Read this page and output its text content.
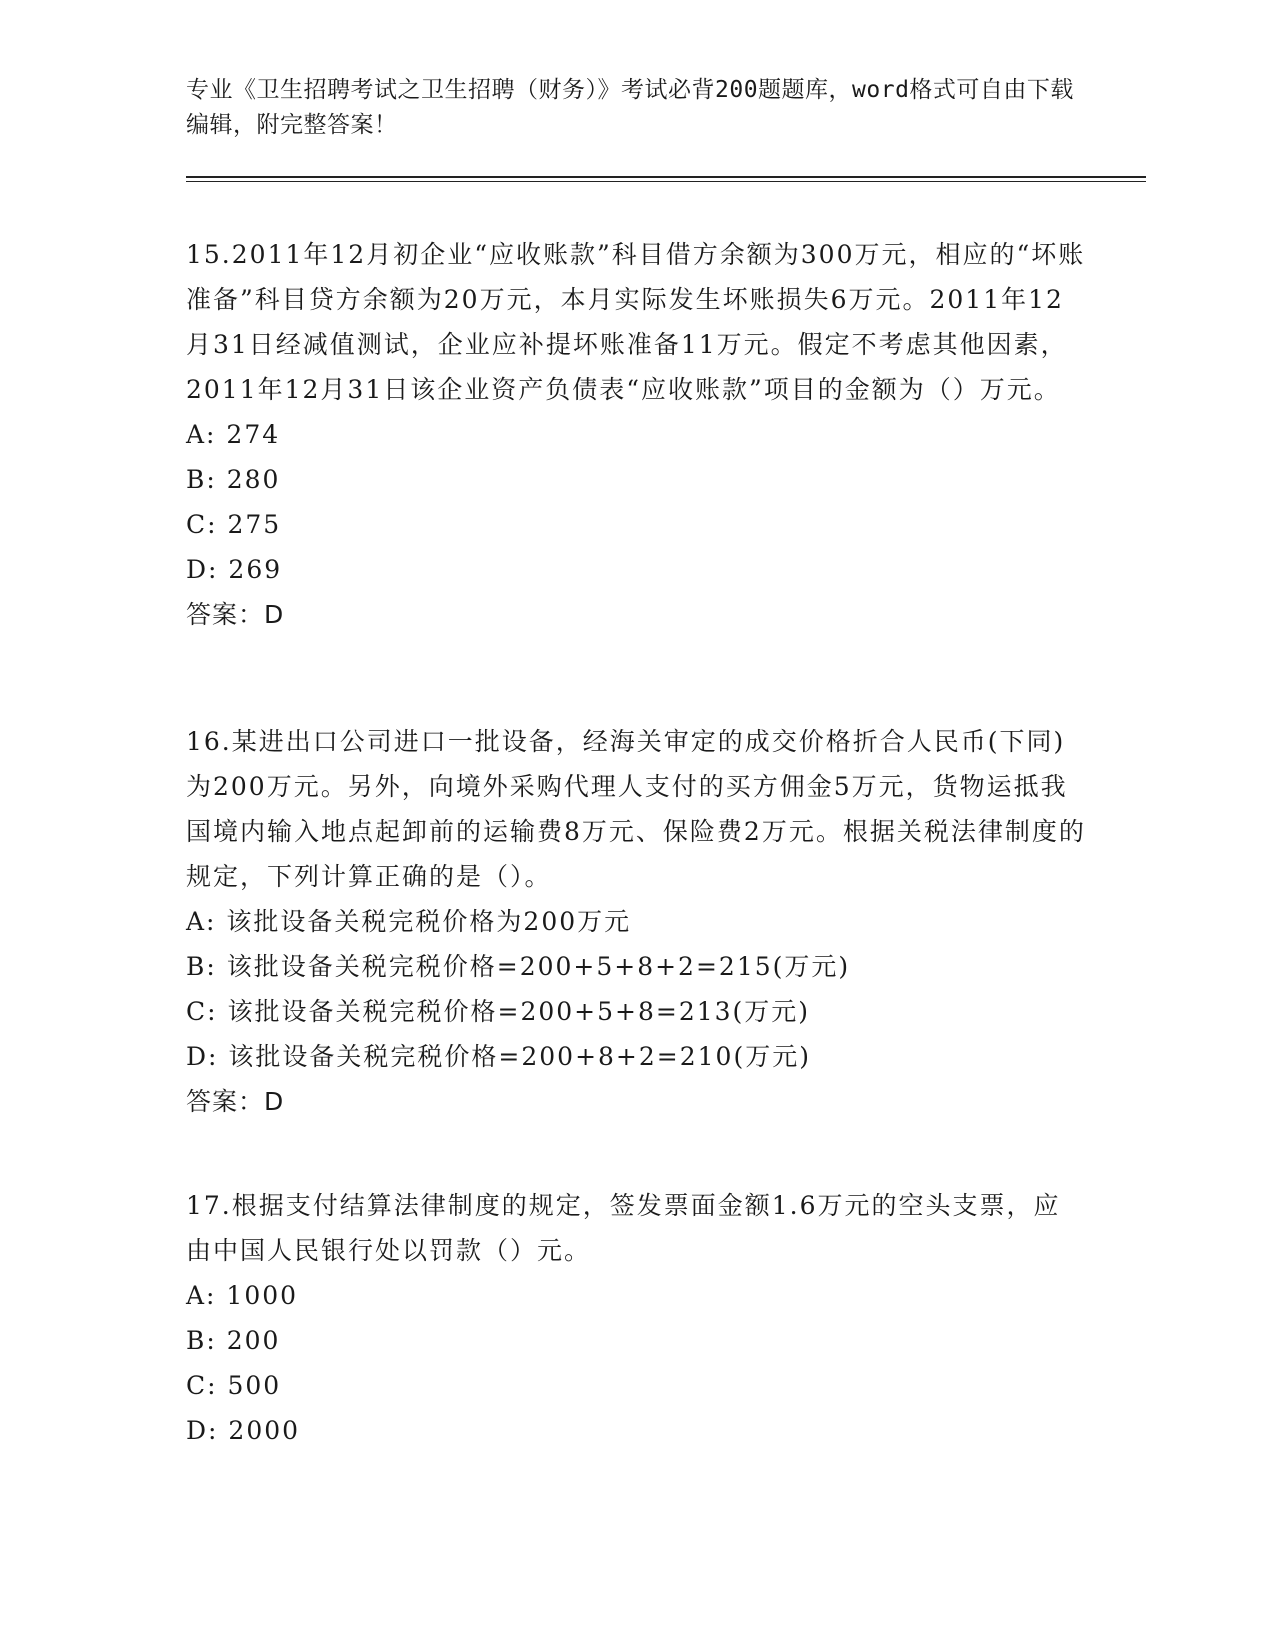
专业《卫生招聘考试之卫生招聘（财务）》考试必背200题题库，word格式可自由下载编辑，附完整答案！
15.2011年12月初企业“应收账款”科目借方余额为300万元，相应的“坏账准备”科目贷方余额为20万元，本月实际发生坏账损失6万元。2011年12月31日经减值测试，企业应补提坏账准备11万元。假定不考虑其他因素，2011年12月31日该企业资产负债表“应收账款”项目的金额为（）万元。
A: 274
B: 280
C: 275
D: 269
答案：D
16.某进出口公司进口一批设备，经海关审定的成交价格折合人民币(下同)为200万元。另外，向境外采购代理人支付的买方佣金5万元，货物运抵我国境内输入地点起卸前的运输费8万元、保险费2万元。根据关税法律制度的规定，下列计算正确的是（）。
A: 该批设备关税完税价格为200万元
B: 该批设备关税完税价格=200+5+8+2=215(万元)
C: 该批设备关税完税价格=200+5+8=213(万元)
D: 该批设备关税完税价格=200+8+2=210(万元)
答案：D
17.根据支付结算法律制度的规定，签发票面金额1.6万元的空头支票，应由中国人民银行处以罚款（）元。
A: 1000
B: 200
C: 500
D: 2000
